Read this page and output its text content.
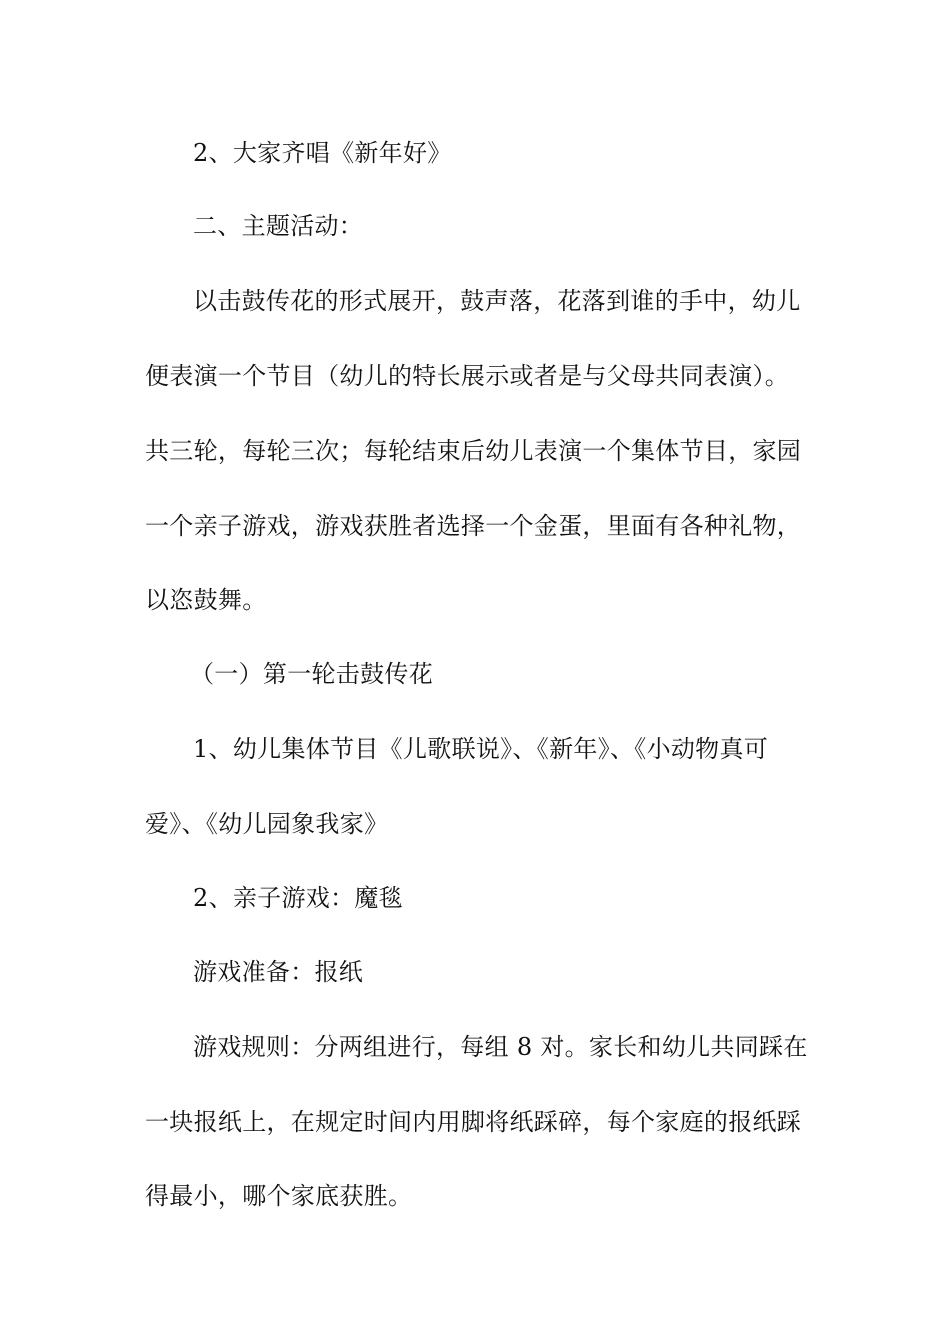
2、大家齐唱《新年好》
二、主题活动：
以击鼓传花的形式展开，鼓声落，花落到谁的手中，幼儿
便表演一个节目（幼儿的特长展示或者是与父母共同表演）。
共三轮，每轮三次；每轮结束后幼儿表演一个集体节目，家园
一个亲子游戏，游戏获胜者选择一个金蛋，里面有各种礼物，
以恣鼓舞。
（一）第一轮击鼓传花
1、幼儿集体节目《儿歌联说》、《新年》、《小动物真可
爱》、《幼儿园象我家》
2、亲子游戏：魔毯
游戏准备：报纸
游戏规则：分两组进行，每组 8 对。家长和幼儿共同踩在
一块报纸上，在规定时间内用脚将纸踩碎，每个家庭的报纸踩
得最小，哪个家底获胜。
